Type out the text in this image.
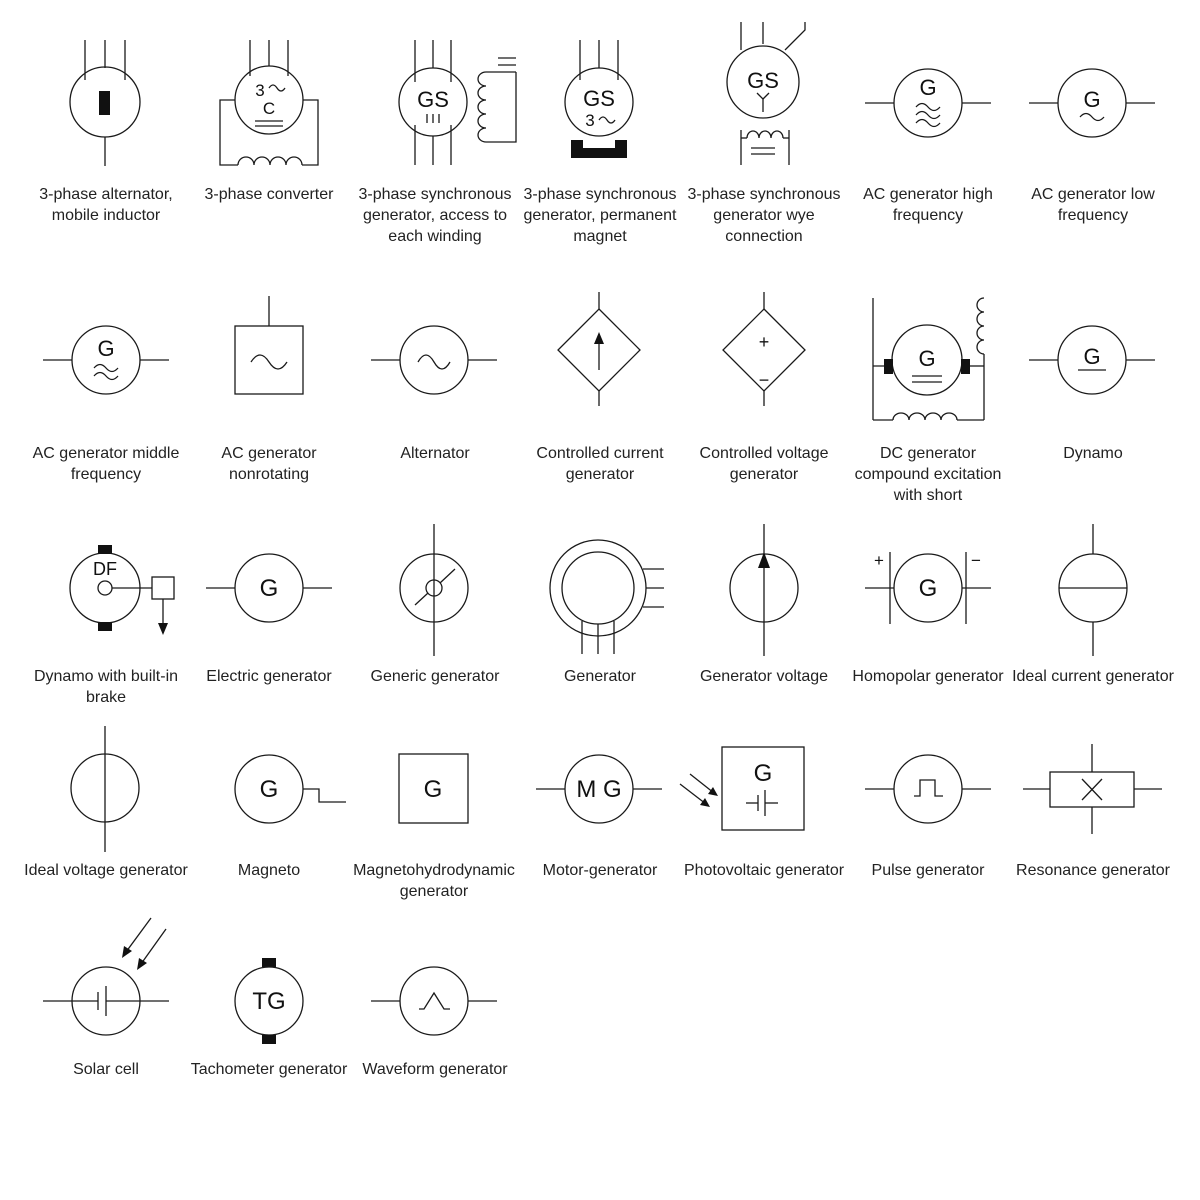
3-phase alternator, mobile inductor
3
C
3-phase converter
GS
3-phase synchronous generator, access to each winding
GS
3
3-phase synchronous generator, permanent magnet
GS
3-phase synchronous generator wye connection
G
AC generator high frequency
G
AC generator low frequency
G
AC generator middle frequency
AC generator nonrotating
Alternator	Controlled current generator
+
−
Controlled voltage generator
G
DC generator compound excitation with short
G
Dynamo
DF
Dynamo with built-in brake
G
Electric generator	Generic generator	Generator	Generator voltage
G
+	−
Homopolar generator Ideal current generator
Ideal voltage generator
G
Magneto
G
Magnetohydrodynamic generator
M G
Motor-generator
G
Photovoltaic generator	Pulse generator	Resonance generator
Solar cell
TG
Tachometer generator Waveform generator
